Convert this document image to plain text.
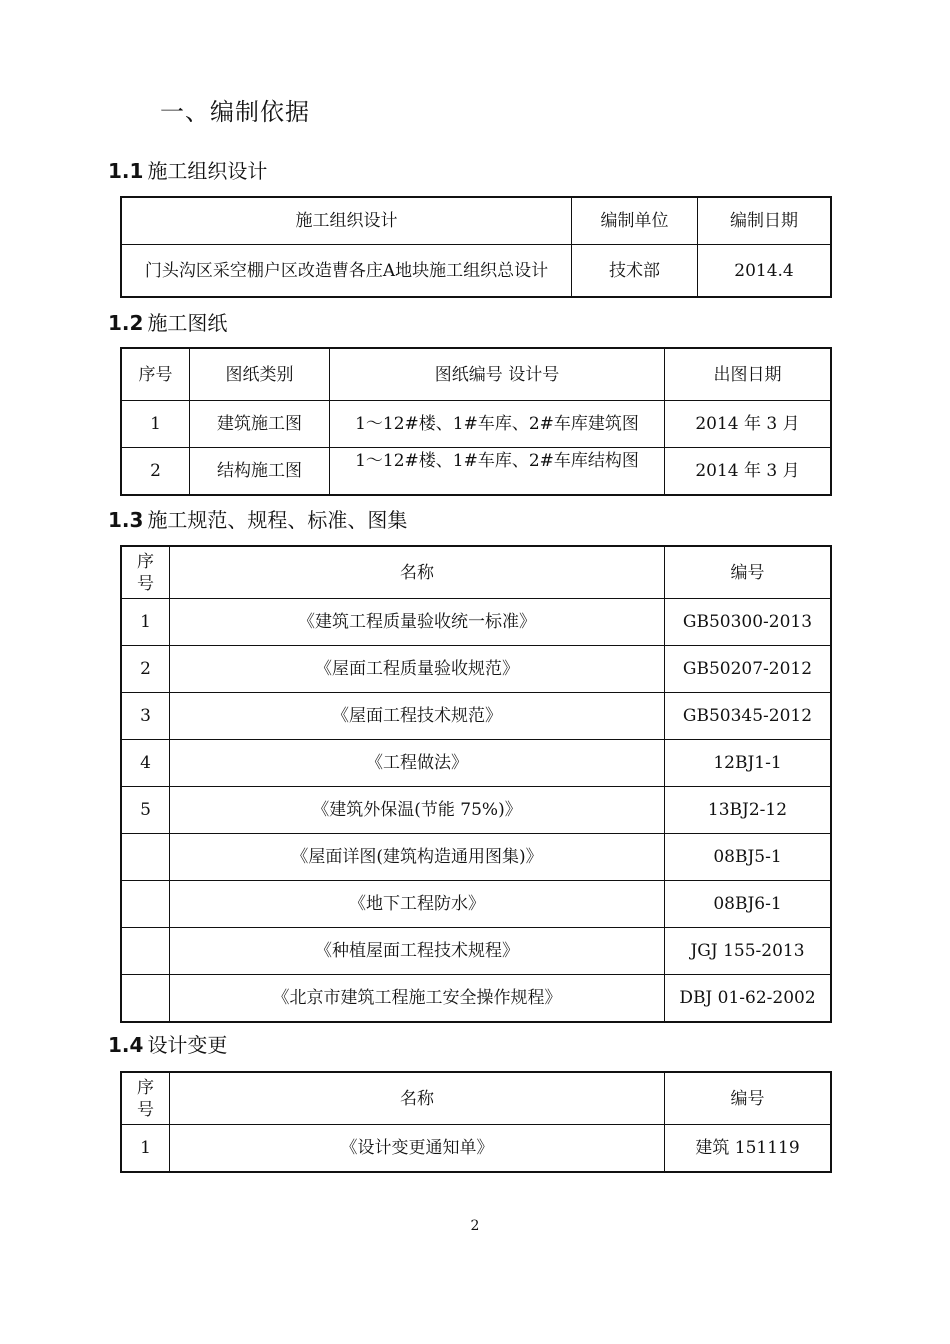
一、编制依据
1.1 施工组织设计
施工组织设计	编制单位	编制日期
门头沟区采空棚户区改造曹各庄A地块施工组织总设计	技术部	2014.4
1.2 施工图纸
序号	图纸类别	图纸编号 设计号	出图日期
1	建筑施工图	1～12#楼、1#车库、2#车库建筑图	2014 年 3 月
2	结构施工图	1～12#楼、1#车库、2#车库结构图	2014 年 3 月
1.3 施工规范、规程、标准、图集
序号	名称	编号
1	《建筑工程质量验收统一标准》	GB50300-2013
2	《屋面工程质量验收规范》	GB50207-2012
3	《屋面工程技术规范》	GB50345-2012
4	《工程做法》	12BJ1-1
5	《建筑外保温(节能 75%)》	13BJ2-12
	《屋面详图(建筑构造通用图集)》	08BJ5-1
	《地下工程防水》	08BJ6-1
	《种植屋面工程技术规程》	JGJ 155-2013
	《北京市建筑工程施工安全操作规程》	DBJ 01-62-2002
1.4 设计变更
序号	名称	编号
1	《设计变更通知单》	建筑 151119
2
